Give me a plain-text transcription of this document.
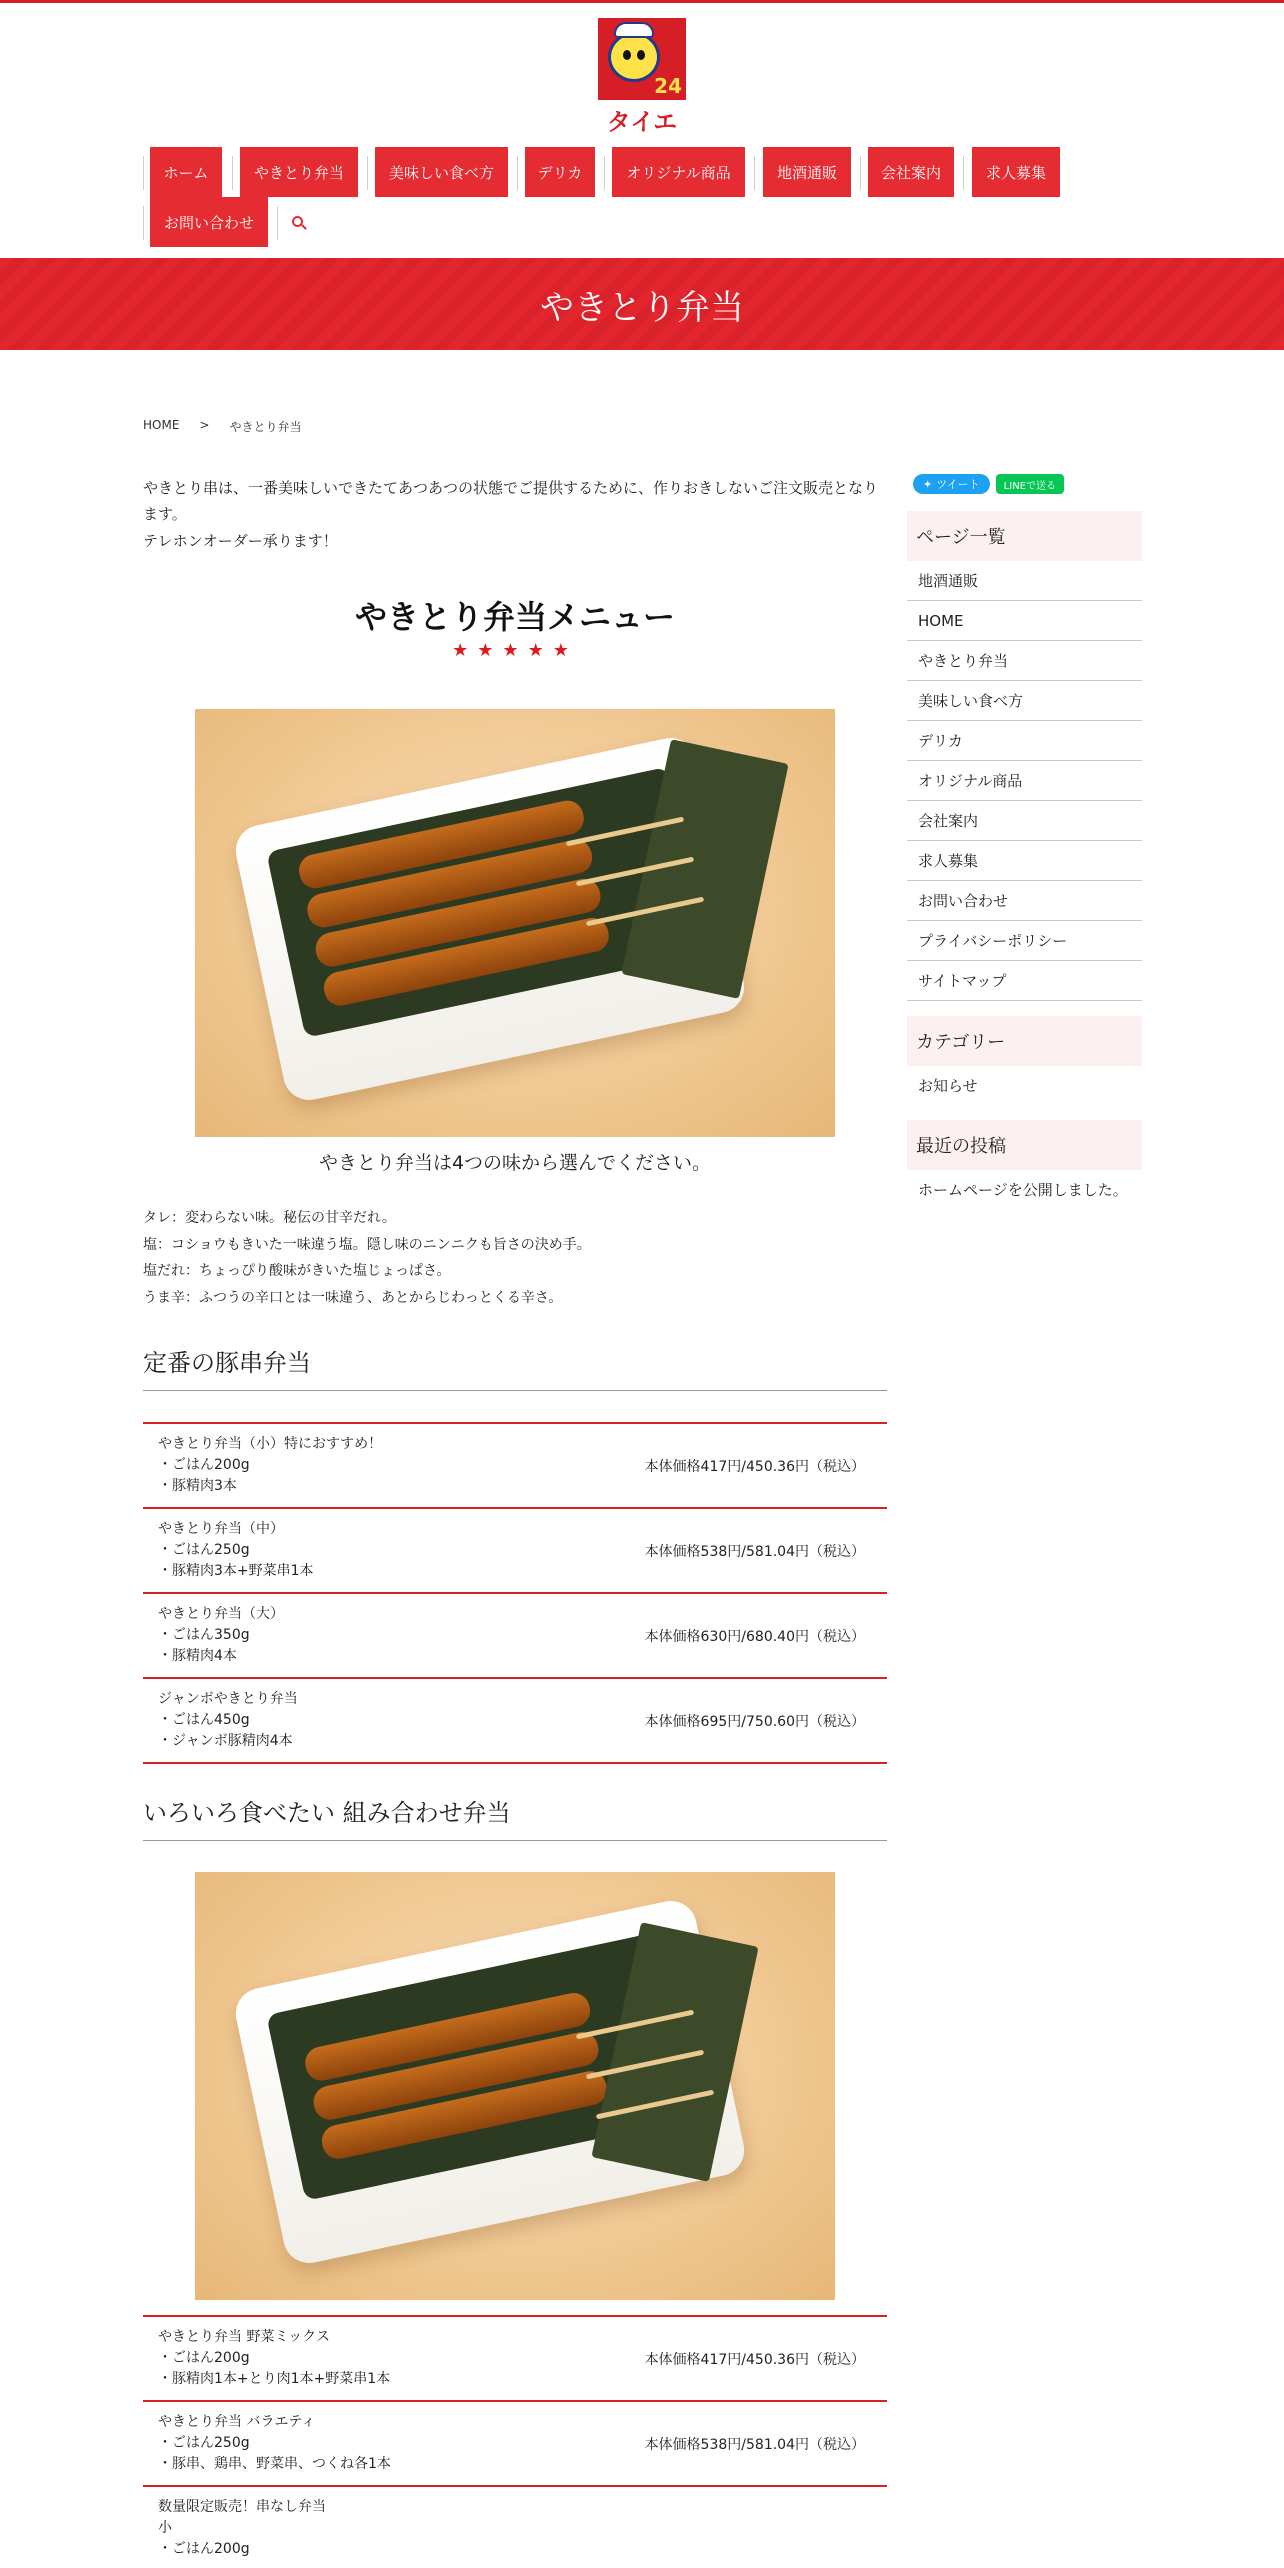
24
タイエ
ホーム	やきとり弁当	美味しい食べ方	デリカ	オリジナル商品	地酒通販	会社案内	求人募集
お問い合わせ
やきとり弁当
HOME > やきとり弁当

やきとり串は、一番美味しいできたてあつあつの状態でご提供するために、作りおきしないご注文販売となります。

テレホンオーダー承ります！

やきとり弁当メニュー
★★★★★
やきとり弁当は4つの味から選んでください。
タレ：変わらない味。秘伝の甘辛だれ。
塩：コショウもきいた一味違う塩。隠し味のニンニクも旨さの決め手。
塩だれ：ちょっぴり酸味がきいた塩じょっぱさ。
うま辛：ふつうの辛口とは一味違う、あとからじわっとくる辛さ。
定番の豚串弁当
やきとり弁当（小）特におすすめ！
・ごはん200g
・豚精肉3本
本体価格417円/450.36円（税込）
やきとり弁当（中）
・ごはん250g
・豚精肉3本+野菜串1本
本体価格538円/581.04円（税込）
やきとり弁当（大）
・ごはん350g
・豚精肉4本
本体価格630円/680.40円（税込）
ジャンボやきとり弁当
・ごはん450g
・ジャンボ豚精肉4本
本体価格695円/750.60円（税込）
いろいろ食べたい 組み合わせ弁当
やきとり弁当 野菜ミックス
・ごはん200g
・豚精肉1本+とり肉1本+野菜串1本
本体価格417円/450.36円（税込）
やきとり弁当 バラエティ
・ごはん250g
・豚串、鶏串、野菜串、つくね各1本
本体価格538円/581.04円（税込）
数量限定販売！串なし弁当
小
・ごはん200g
✦ ツイート	LINEで送る
ページ一覧
地酒通販
HOME
やきとり弁当
美味しい食べ方
デリカ
オリジナル商品
会社案内
求人募集
お問い合わせ
プライバシーポリシー
サイトマップ
カテゴリー
お知らせ
最近の投稿
ホームページを公開しました。
